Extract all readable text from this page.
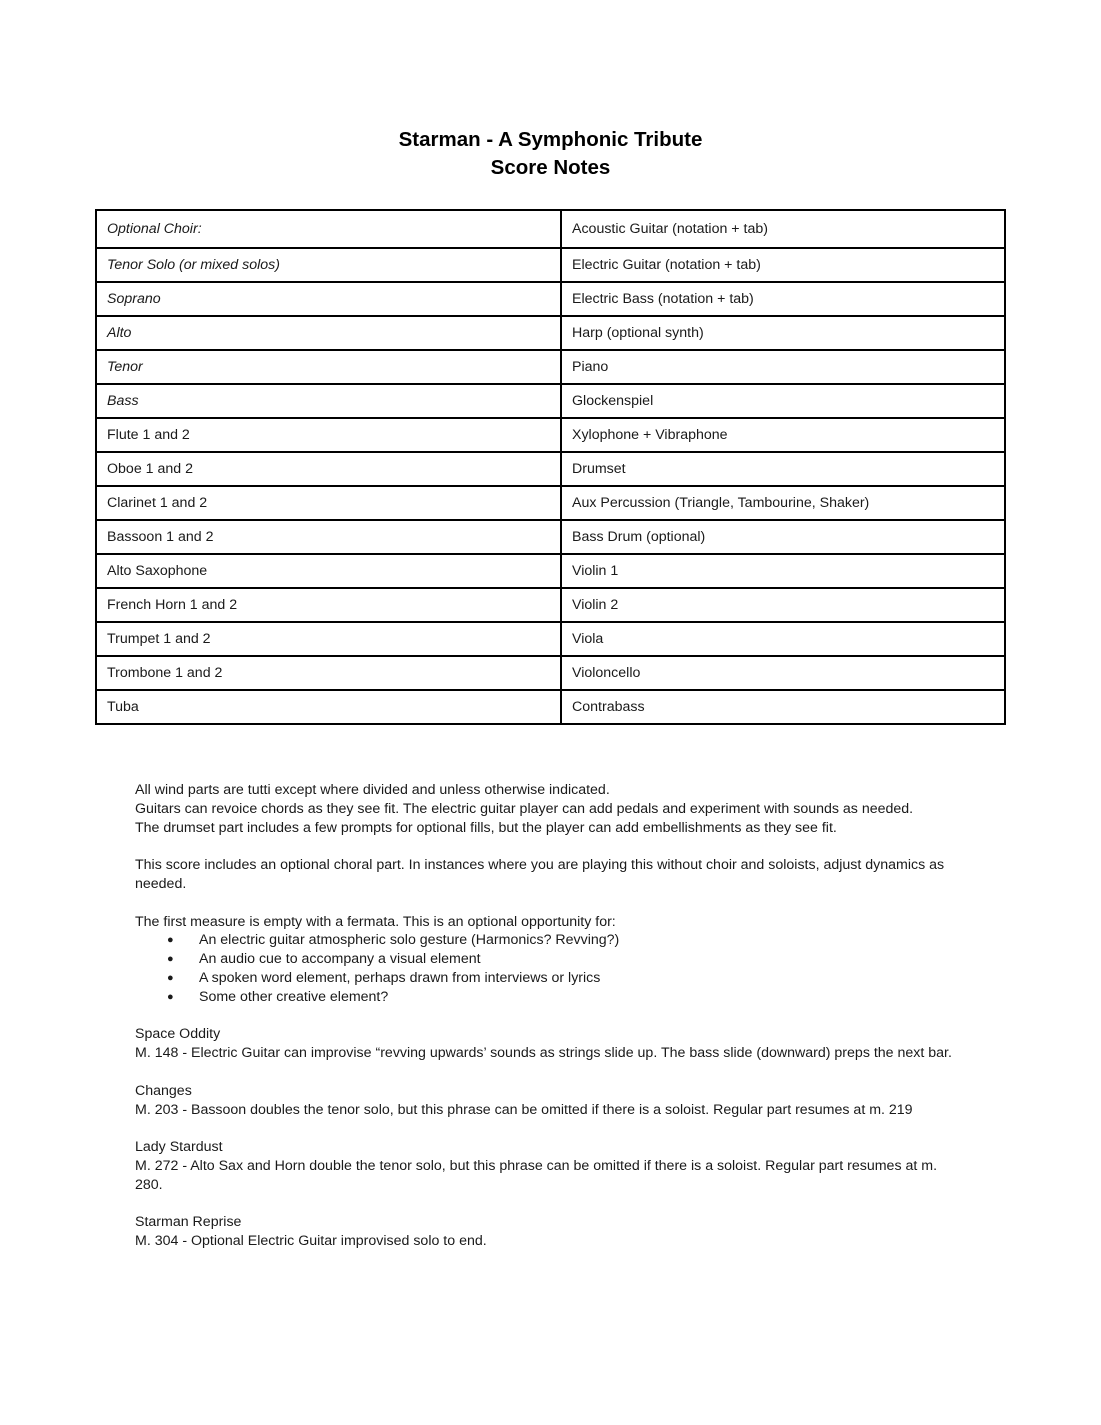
Starman - A Symphonic Tribute
Score Notes
Optional Choir:	Acoustic Guitar (notation + tab)
Tenor Solo (or mixed solos)	Electric Guitar (notation + tab)
Soprano	Electric Bass (notation + tab)
Alto	Harp (optional synth)
Tenor	Piano
Bass	Glockenspiel
Flute 1 and 2	Xylophone + Vibraphone
Oboe 1 and 2	Drumset
Clarinet 1 and 2	Aux Percussion (Triangle, Tambourine, Shaker)
Bassoon 1 and 2	Bass Drum (optional)
Alto Saxophone	Violin 1
French Horn 1 and 2	Violin 2
Trumpet 1 and 2	Viola
Trombone 1 and 2	Violoncello
Tuba	Contrabass

All wind parts are tutti except where divided and unless otherwise indicated.

Guitars can revoice chords as they see fit. The electric guitar player can add pedals and experiment with sounds as needed.

The drumset part includes a few prompts for optional fills, but the player can add embellishments as they see fit.

This score includes an optional choral part. In instances where you are playing this without choir and soloists, adjust dynamics as needed.

The first measure is empty with a fermata. This is an optional opportunity for:

● An electric guitar atmospheric solo gesture (Harmonics? Revving?)
● An audio cue to accompany a visual element
● A spoken word element, perhaps drawn from interviews or lyrics
● Some other creative element?

Space Oddity

M. 148 - Electric Guitar can improvise “revving upwards’ sounds as strings slide up. The bass slide (downward) preps the next bar.

Changes

M. 203 - Bassoon doubles the tenor solo, but this phrase can be omitted if there is a soloist. Regular part resumes at m. 219

Lady Stardust

M. 272 - Alto Sax and Horn double the tenor solo, but this phrase can be omitted if there is a soloist. Regular part resumes at m. 280.

Starman Reprise

M. 304 - Optional Electric Guitar improvised solo to end.
